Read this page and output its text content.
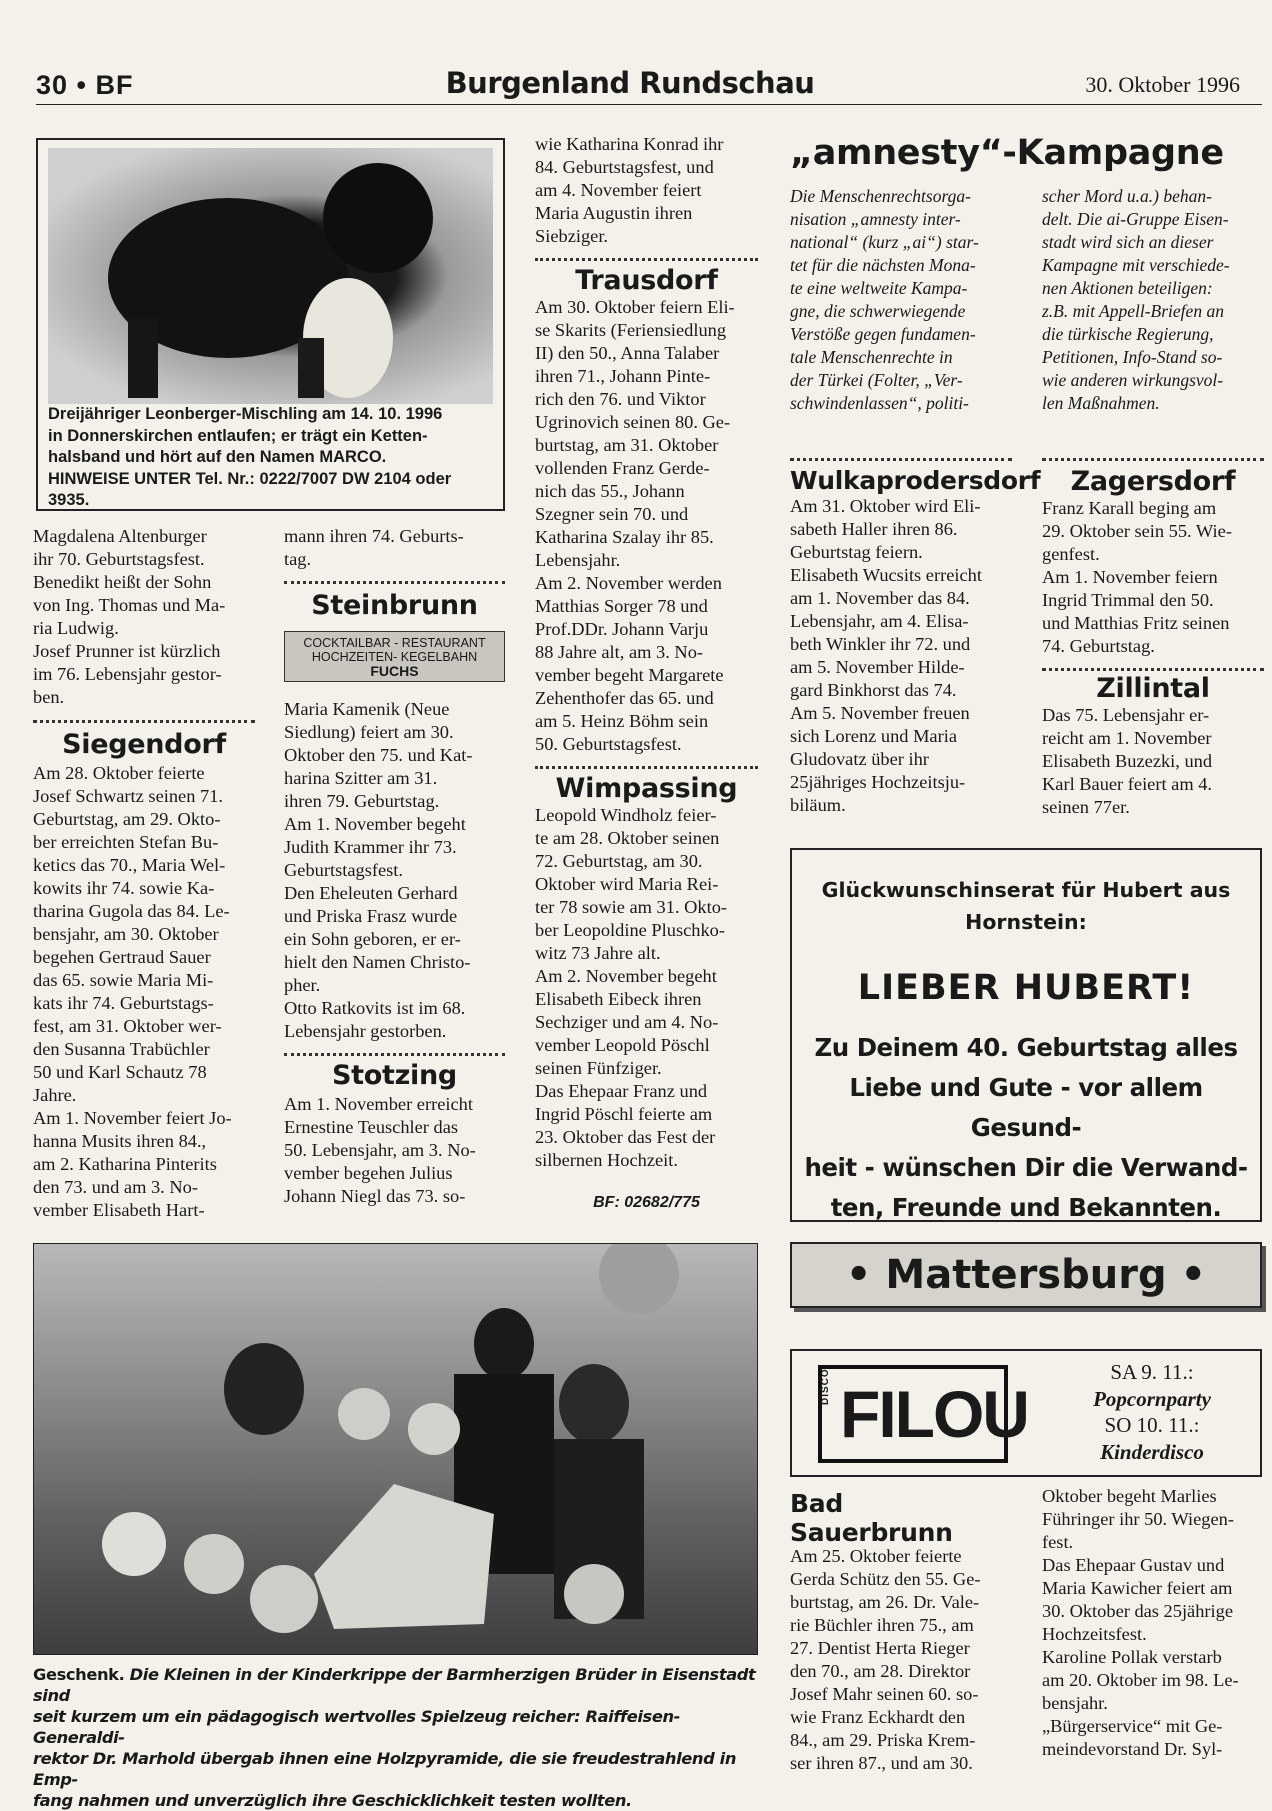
30 • BF	Burgenland Rundschau	30. Oktober 1996
Dreijähriger Leonberger-Mischling am 14. 10. 1996
in Donnerskirchen entlaufen; er trägt ein Ketten-
halsband und hört auf den Namen MARCO.
HINWEISE UNTER Tel. Nr.: 0222/7007 DW 2104 oder
3935.
Magdalena Altenburger
ihr 70. Geburtstagsfest.
Benedikt heißt der Sohn
von Ing. Thomas und Ma-
ria Ludwig.
Josef Prunner ist kürzlich
im 76. Lebensjahr gestor-
ben.
Siegendorf
Am 28. Oktober feierte
Josef Schwartz seinen 71.
Geburtstag, am 29. Okto-
ber erreichten Stefan Bu-
ketics das 70., Maria Wel-
kowits ihr 74. sowie Ka-
tharina Gugola das 84. Le-
bensjahr, am 30. Oktober
begehen Gertraud Sauer
das 65. sowie Maria Mi-
kats ihr 74. Geburtstags-
fest, am 31. Oktober wer-
den Susanna Trabüchler
50 und Karl Schautz 78
Jahre.
Am 1. November feiert Jo-
hanna Musits ihren 84.,
am 2. Katharina Pinterits
den 73. und am 3. No-
vember Elisabeth Hart-
mann ihren 74. Geburts-
tag.
Steinbrunn
COCKTAILBAR - RESTAURANT
HOCHZEITEN- KEGELBAHN
FUCHS
Maria Kamenik (Neue
Siedlung) feiert am 30.
Oktober den 75. und Kat-
harina Szitter am 31.
ihren 79. Geburtstag.
Am 1. November begeht
Judith Krammer ihr 73.
Geburtstagsfest.
Den Eheleuten Gerhard
und Priska Frasz wurde
ein Sohn geboren, er er-
hielt den Namen Christo-
pher.
Otto Ratkovits ist im 68.
Lebensjahr gestorben.
Stotzing
Am 1. November erreicht
Ernestine Teuschler das
50. Lebensjahr, am 3. No-
vember begehen Julius
Johann Niegl das 73. so-
wie Katharina Konrad ihr
84. Geburtstagsfest, und
am 4. November feiert
Maria Augustin ihren
Siebziger.
Trausdorf
Am 30. Oktober feiern Eli-
se Skarits (Feriensiedlung
II) den 50., Anna Talaber
ihren 71., Johann Pinte-
rich den 76. und Viktor
Ugrinovich seinen 80. Ge-
burtstag, am 31. Oktober
vollenden Franz Gerde-
nich das 55., Johann
Szegner sein 70. und
Katharina Szalay ihr 85.
Lebensjahr.
Am 2. November werden
Matthias Sorger 78 und
Prof.DDr. Johann Varju
88 Jahre alt, am 3. No-
vember begeht Margarete
Zehenthofer das 65. und
am 5. Heinz Böhm sein
50. Geburtstagsfest.
Wimpassing
Leopold Windholz feier-
te am 28. Oktober seinen
72. Geburtstag, am 30.
Oktober wird Maria Rei-
ter 78 sowie am 31. Okto-
ber Leopoldine Pluschko-
witz 73 Jahre alt.
Am 2. November begeht
Elisabeth Eibeck ihren
Sechziger und am 4. No-
vember Leopold Pöschl
seinen Fünfziger.
Das Ehepaar Franz und
Ingrid Pöschl feierte am
23. Oktober das Fest der
silbernen Hochzeit.
BF: 02682/775
„amnesty“-Kampagne
Die Menschenrechtsorga-
nisation „amnesty inter-
national“ (kurz „ai“) star-
tet für die nächsten Mona-
te eine weltweite Kampa-
gne, die schwerwiegende
Verstöße gegen fundamen-
tale Menschenrechte in
der Türkei (Folter, „Ver-
schwindenlassen“, politi-
scher Mord u.a.) behan-
delt. Die ai-Gruppe Eisen-
stadt wird sich an dieser
Kampagne mit verschiede-
nen Aktionen beteiligen:
z.B. mit Appell-Briefen an
die türkische Regierung,
Petitionen, Info-Stand so-
wie anderen wirkungsvol-
len Maßnahmen.
Wulkaprodersdorf
Am 31. Oktober wird Eli-
sabeth Haller ihren 86.
Geburtstag feiern.
Elisabeth Wucsits erreicht
am 1. November das 84.
Lebensjahr, am 4. Elisa-
beth Winkler ihr 72. und
am 5. November Hilde-
gard Binkhorst das 74.
Am 5. November freuen
sich Lorenz und Maria
Gludovatz über ihr
25jähriges Hochzeitsju-
biläum.
Zagersdorf
Franz Karall beging am
29. Oktober sein 55. Wie-
genfest.
Am 1. November feiern
Ingrid Trimmal den 50.
und Matthias Fritz seinen
74. Geburtstag.
Zillintal
Das 75. Lebensjahr er-
reicht am 1. November
Elisabeth Buzezki, und
Karl Bauer feiert am 4.
seinen 77er.
Glückwunschinserat für Hubert aus
Hornstein:
LIEBER HUBERT!
Zu Deinem 40. Geburtstag alles
Liebe und Gute - vor allem Gesund-
heit - wünschen Dir die Verwand-
ten, Freunde und Bekannten.
• Mattersburg •
DISCO FILOU
SA 9. 11.:
Popcornparty
SO 10. 11.:
Kinderdisco
Bad Sauerbrunn
Am 25. Oktober feierte
Gerda Schütz den 55. Ge-
burtstag, am 26. Dr. Vale-
rie Büchler ihren 75., am
27. Dentist Herta Rieger
den 70., am 28. Direktor
Josef Mahr seinen 60. so-
wie Franz Eckhardt den
84., am 29. Priska Krem-
ser ihren 87., und am 30.
Oktober begeht Marlies
Führinger ihr 50. Wiegen-
fest.
Das Ehepaar Gustav und
Maria Kawicher feiert am
30. Oktober das 25jährige
Hochzeitsfest.
Karoline Pollak verstarb
am 20. Oktober im 98. Le-
bensjahr.
„Bürgerservice“ mit Ge-
meindevorstand Dr. Syl-
Geschenk. Die Kleinen in der Kinderkrippe der Barmherzigen Brüder in Eisenstadt sind
seit kurzem um ein pädagogisch wertvolles Spielzeug reicher: Raiffeisen-Generaldi-
rektor Dr. Marhold übergab ihnen eine Holzpyramide, die sie freudestrahlend in Emp-
fang nahmen und unverzüglich ihre Geschicklichkeit testen wollten.
